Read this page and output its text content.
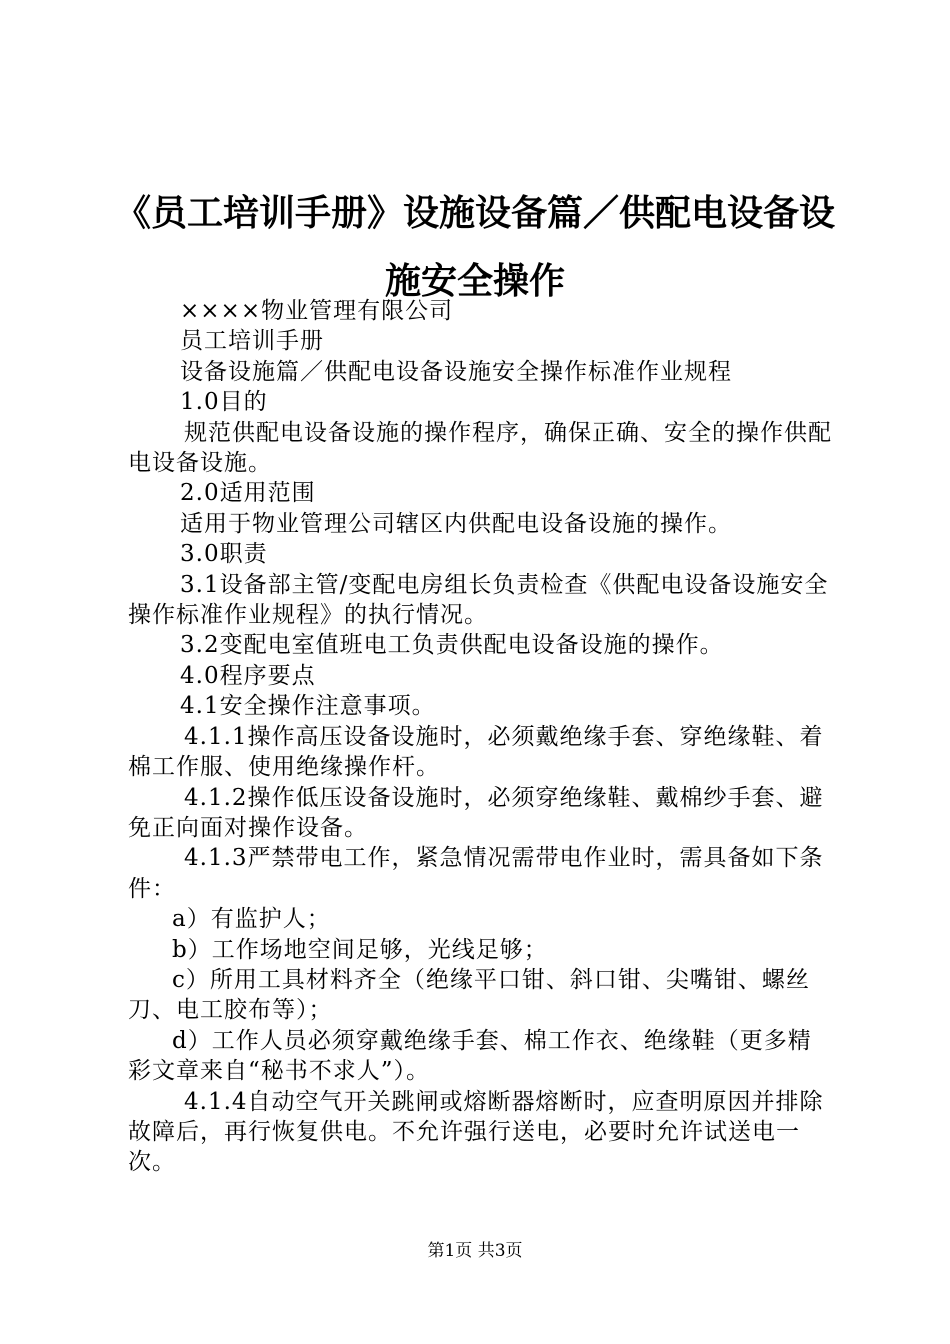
《员工培训手册》设施设备篇／供配电设备设
施安全操作

××××物业管理有限公司

员工培训手册

设备设施篇／供配电设备设施安全操作标准作业规程

1.0目的

规范供配电设备设施的操作程序，确保正确、安全的操作供配电设备设施。

2.0适用范围

适用于物业管理公司辖区内供配电设备设施的操作。

3.0职责

3.1设备部主管/变配电房组长负责检查《供配电设备设施安全操作标准作业规程》的执行情况。

3.2变配电室值班电工负责供配电设备设施的操作。

4.0程序要点

4.1安全操作注意事项。

4.1.1操作高压设备设施时，必须戴绝缘手套、穿绝缘鞋、着棉工作服、使用绝缘操作杆。

4.1.2操作低压设备设施时，必须穿绝缘鞋、戴棉纱手套、避免正向面对操作设备。

4.1.3严禁带电工作，紧急情况需带电作业时，需具备如下条件：

a）有监护人；

b）工作场地空间足够，光线足够；

c）所用工具材料齐全（绝缘平口钳、斜口钳、尖嘴钳、螺丝刀、电工胶布等）；

d）工作人员必须穿戴绝缘手套、棉工作衣、绝缘鞋（更多精彩文章来自“秘书不求人”）。

4.1.4自动空气开关跳闸或熔断器熔断时，应查明原因并排除故障后，再行恢复供电。不允许强行送电，必要时允许试送电一次。

第1页 共3页
